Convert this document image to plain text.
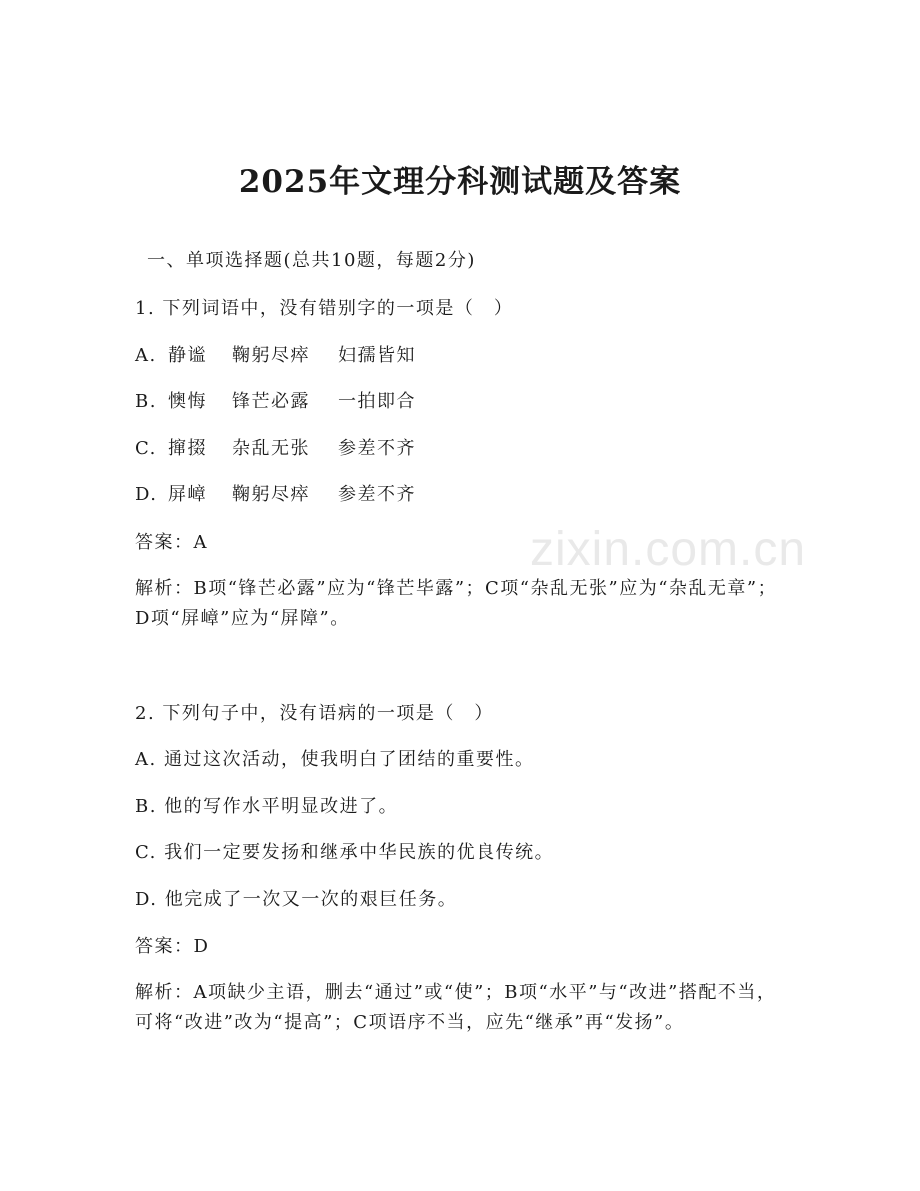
zixin.com.cn
2025年文理分科测试题及答案
一、单项选择题(总共10题，每题2分)
1. 下列词语中，没有错别字的一项是（　）
A. 静谧 鞠躬尽瘁 妇孺皆知
B. 懊悔 锋芒必露 一拍即合
C. 撺掇 杂乱无张 参差不齐
D. 屏嶂 鞠躬尽瘁 参差不齐
答案：A
解析：B项“锋芒必露”应为“锋芒毕露”；C项“杂乱无张”应为“杂乱无章”；D项“屏嶂”应为“屏障”。
2. 下列句子中，没有语病的一项是（　）
A. 通过这次活动，使我明白了团结的重要性。
B. 他的写作水平明显改进了。
C. 我们一定要发扬和继承中华民族的优良传统。
D. 他完成了一次又一次的艰巨任务。
答案：D
解析：A项缺少主语，删去“通过”或“使”；B项“水平”与“改进”搭配不当，可将“改进”改为“提高”；C项语序不当，应先“继承”再“发扬”。
